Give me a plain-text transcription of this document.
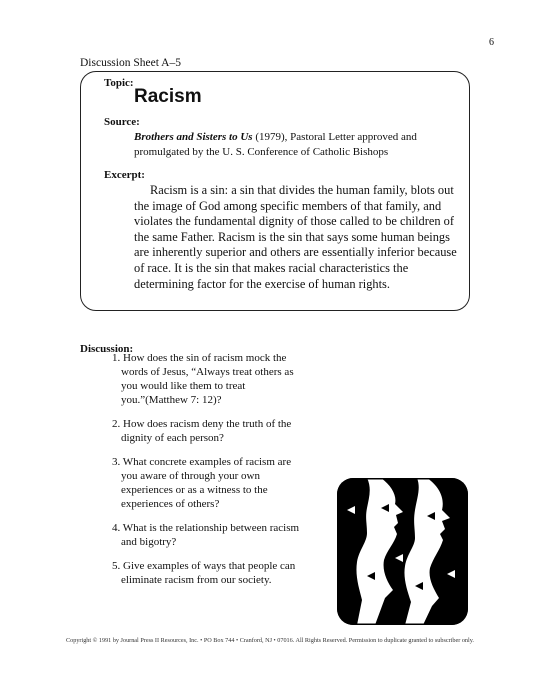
6
Discussion Sheet A–5
Topic:
Racism
Source:
Brothers and Sisters to Us (1979), Pastoral Letter approved and promulgated by the U. S. Conference of Catholic Bishops
Excerpt:
Racism is a sin: a sin that divides the human family, blots out the image of God among specific members of that family, and violates the fundamental dignity of those called to be children of the same Father. Racism is the sin that says some human beings are inherently superior and others are essentially inferior because of race. It is the sin that makes racial characteristics the determining factor for the exercise of human rights.
Discussion:
1. How does the sin of racism mock the words of Jesus, “Always treat others as you would like them to treat you.”(Matthew 7: 12)?
2. How does racism deny the truth of the dignity of each person?
3. What concrete examples of racism are you aware of through your own experiences or as a witness to the experiences of others?
4. What is the relationship between racism and bigotry?
5. Give examples of ways that people can eliminate racism from our society.
Copyright © 1991 by Journal Press II Resources, Inc. • PO Box 744 • Cranford, NJ • 07016. All Rights Reserved. Permission to duplicate granted to subscriber only.
